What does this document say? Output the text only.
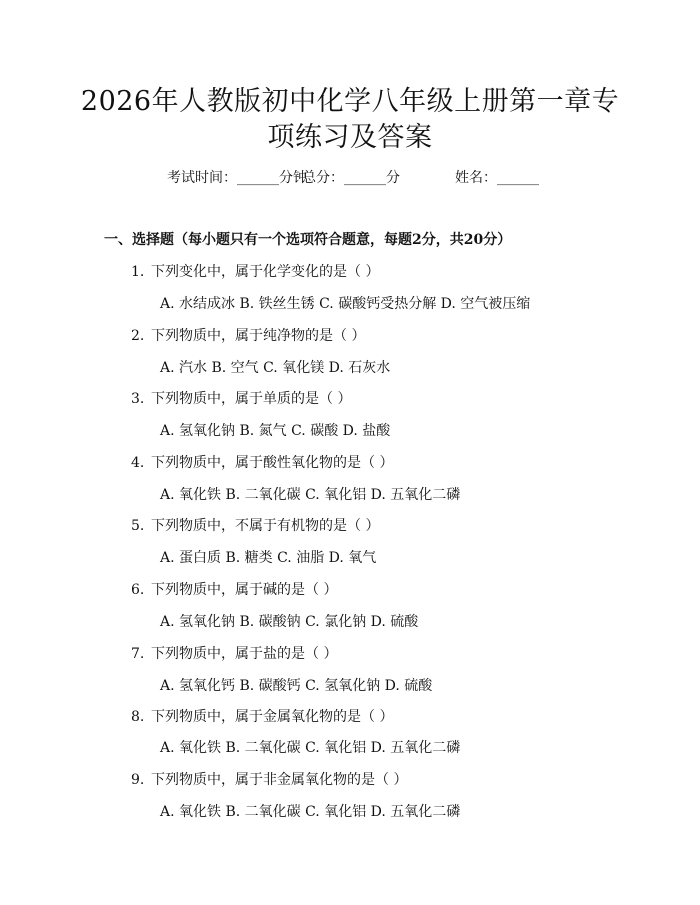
2026年人教版初中化学八年级上册第一章专
项练习及答案
考试时间：______分钟
总分：______分	姓名：______
一、选择题（每小题只有一个选项符合题意，每题2分，共20分）
1. 下列变化中，属于化学变化的是（ ）
A. 水结成冰 B. 铁丝生锈 C. 碳酸钙受热分解 D. 空气被压缩
2. 下列物质中，属于纯净物的是（ ）
A. 汽水 B. 空气 C. 氧化镁 D. 石灰水
3. 下列物质中，属于单质的是（ ）
A. 氢氧化钠 B. 氮气 C. 碳酸 D. 盐酸
4. 下列物质中，属于酸性氧化物的是（ ）
A. 氧化铁 B. 二氧化碳 C. 氧化铝 D. 五氧化二磷
5. 下列物质中，不属于有机物的是（ ）
A. 蛋白质 B. 糖类 C. 油脂 D. 氧气
6. 下列物质中，属于碱的是（ ）
A. 氢氧化钠 B. 碳酸钠 C. 氯化钠 D. 硫酸
7. 下列物质中，属于盐的是（ ）
A. 氢氧化钙 B. 碳酸钙 C. 氢氧化钠 D. 硫酸
8. 下列物质中，属于金属氧化物的是（ ）
A. 氧化铁 B. 二氧化碳 C. 氧化铝 D. 五氧化二磷
9. 下列物质中，属于非金属氧化物的是（ ）
A. 氧化铁 B. 二氧化碳 C. 氧化铝 D. 五氧化二磷
